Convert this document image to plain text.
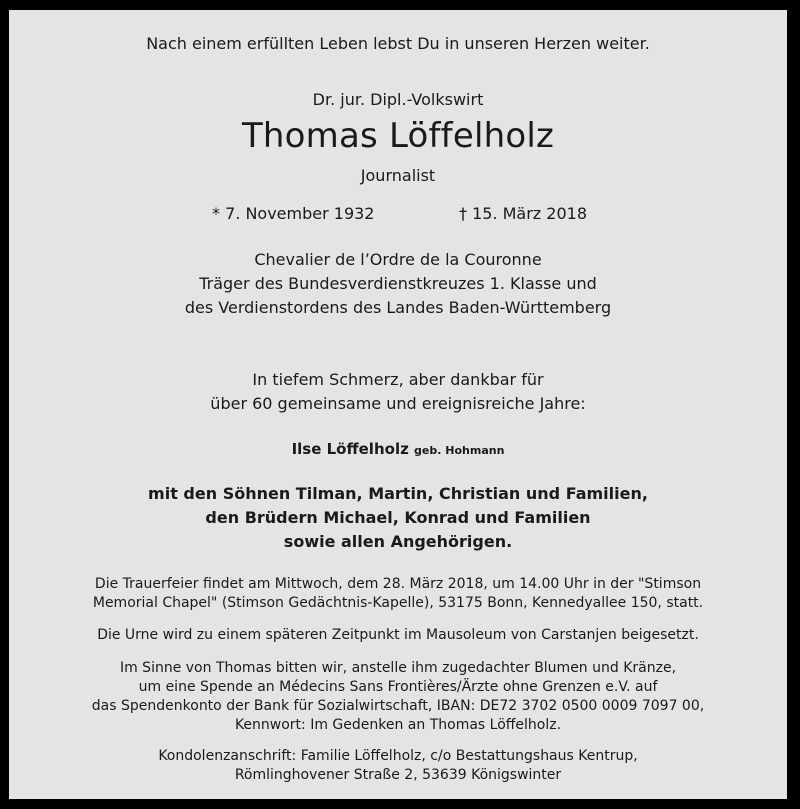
Nach einem erfüllten Leben lebst Du in unseren Herzen weiter.
Dr. jur. Dipl.-Volkswirt
Thomas Löffelholz
Journalist
* 7. November 1932	† 15. März 2018
Chevalier de l’Ordre de la Couronne
Träger des Bundesverdienstkreuzes 1. Klasse und
des Verdienstordens des Landes Baden-Württemberg
In tiefem Schmerz, aber dankbar für
über 60 gemeinsame und ereignisreiche Jahre:
Ilse Löffelholz geb. Hohmann
mit den Söhnen Tilman, Martin, Christian und Familien,
den Brüdern Michael, Konrad und Familien
sowie allen Angehörigen.
Die Trauerfeier findet am Mittwoch, dem 28. März 2018, um 14.00 Uhr in der "Stimson
Memorial Chapel" (Stimson Gedächtnis-Kapelle), 53175 Bonn, Kennedyallee 150, statt.
Die Urne wird zu einem späteren Zeitpunkt im Mausoleum von Carstanjen beigesetzt.
Im Sinne von Thomas bitten wir, anstelle ihm zugedachter Blumen und Kränze,
um eine Spende an Médecins Sans Frontières/Ärzte ohne Grenzen e.V. auf
das Spendenkonto der Bank für Sozialwirtschaft, IBAN: DE72 3702 0500 0009 7097 00,
Kennwort: Im Gedenken an Thomas Löffelholz.
Kondolenzanschrift: Familie Löffelholz, c/o Bestattungshaus Kentrup,
Römlinghovener Straße 2, 53639 Königswinter
